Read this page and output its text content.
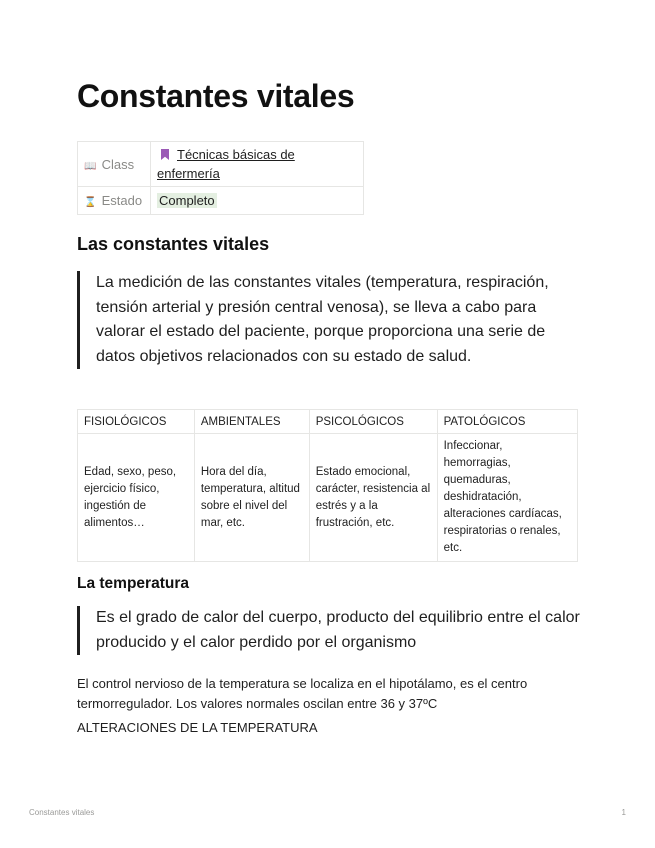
Constantes vitales
📖 Class	Técnicas básicas de enfermería
⌛ Estado	Completo
Las constantes vitales
La medición de las constantes vitales (temperatura, respiración, tensión arterial y presión central venosa), se lleva a cabo para valorar el estado del paciente, porque proporciona una serie de datos objetivos relacionados con su estado de salud.
FISIOLÓGICOS	AMBIENTALES	PSICOLÓGICOS	PATOLÓGICOS
Edad, sexo, peso, ejercicio físico, ingestión de alimentos…	Hora del día, temperatura, altitud sobre el nivel del mar, etc.	Estado emocional, carácter, resistencia al estrés y a la frustración, etc.	Infeccionar, hemorragias, quemaduras, deshidratación, alteraciones cardíacas, respiratorias o renales, etc.
La temperatura
Es el grado de calor del cuerpo, producto del equilibrio entre el calor producido y el calor perdido por el organismo

El control nervioso de la temperatura se localiza en el hipotálamo, es el centro termorregulador. Los valores normales oscilan entre 36 y 37ºC

ALTERACIONES DE LA TEMPERATURA

Constantes vitales	1
